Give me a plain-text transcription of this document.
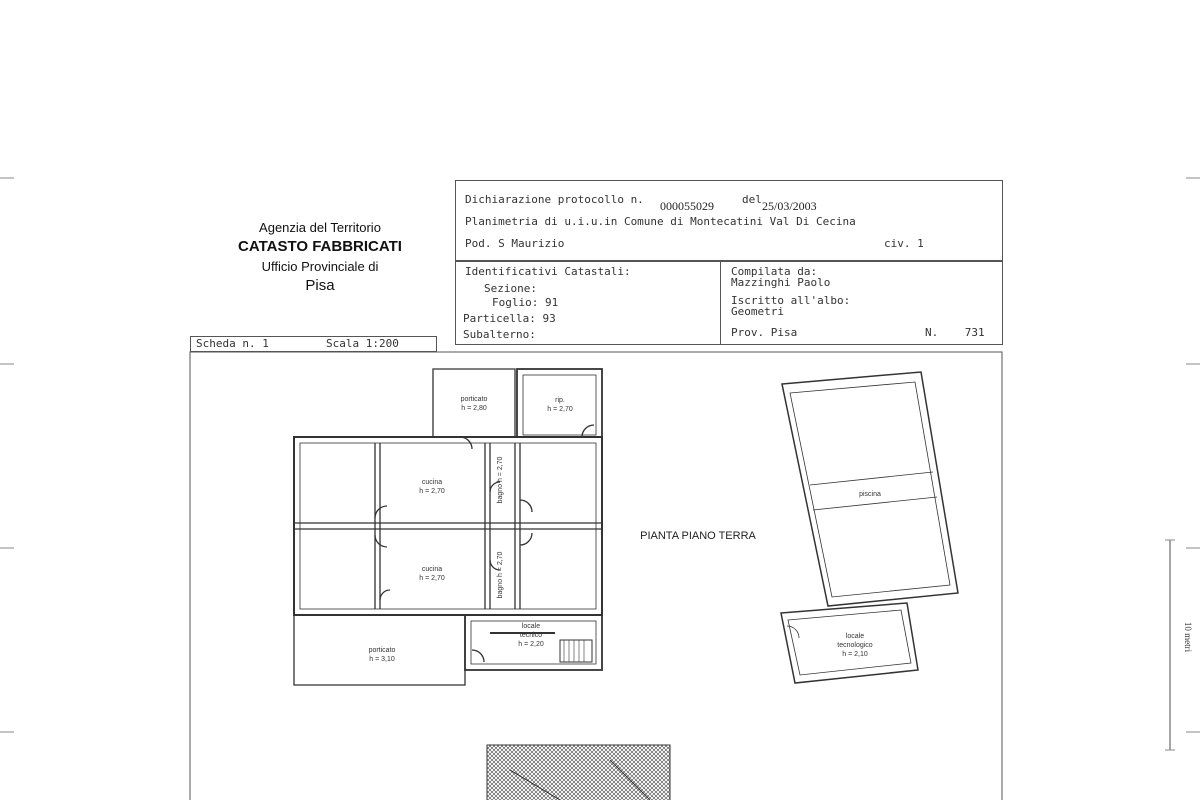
Agenzia del Territorio
CATASTO FABBRICATI
Ufficio Provinciale di
Pisa
Dichiarazione protocollo n. 000055029	del 25/03/2003
Planimetria di u.i.u.in Comune di Montecatini Val Di Cecina
Pod. S Maurizio	civ. 1
Identificativi Catastali:
Sezione:
Foglio: 91
Particella: 93
Subalterno:
Compilata da:
Mazzinghi Paolo
Iscritto all'albo:
Geometri
Prov. Pisa	N.    731
Scheda n. 1	Scala 1:200
porticato
h = 2,80
rip.
h = 2,70
cucina
h = 2,70	bagno h = 2,70
cucina
h = 2,70	bagno h = 2,70
porticato
h = 3,10
locale
tecnico
h = 2,20
piscina
locale
tecnologico
h = 2,10
PIANTA PIANO TERRA
10 metri
